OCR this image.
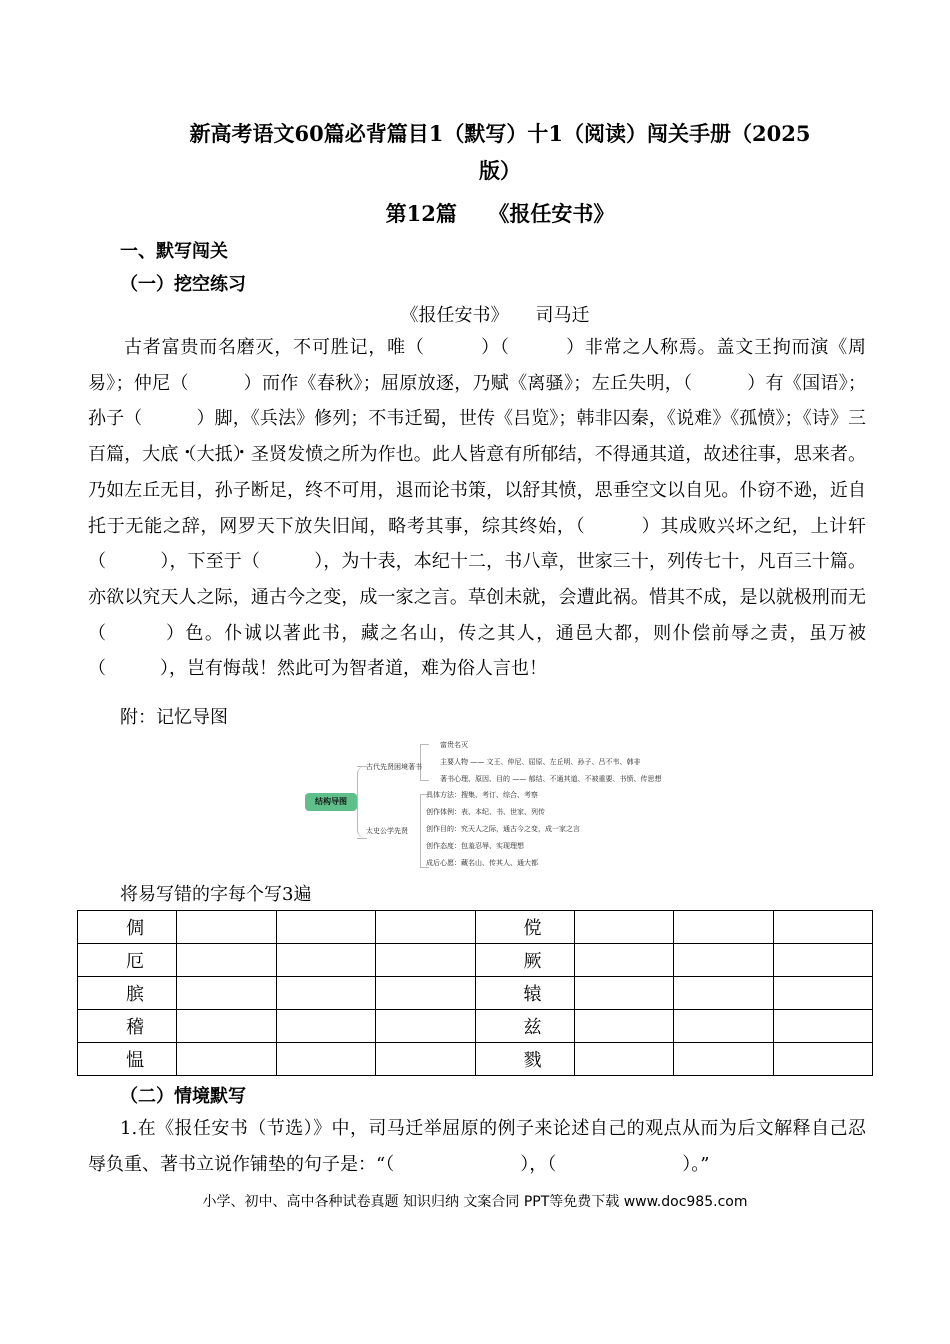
新高考语文60篇必背篇目1（默写）十1（阅读）闯关手册（2025
版）
第12篇　　《报任安书》
一、默写闯关
（一）挖空练习
《报任安书》　　司马迁
古者富贵而名磨灭，不可胜记，唯（　　　）（　　　）非常之人称焉。盖文王拘而演《周易》；仲尼（　　　）而作《春秋》；屈原放逐，乃赋《离骚》；左丘失明，（　　　）有《国语》；孙子（　　　）脚，《兵法》修列；不韦迁蜀，世传《吕览》；韩非囚秦，《说难》《孤愤》；《诗》三百篇，大底（大抵）圣贤发愤之所为作也。此人皆意有所郁结，不得通其道，故述往事，思来者。乃如左丘无目，孙子断足，终不可用，退而论书策，以舒其愤，思垂空文以自见。仆窃不逊，近自托于无能之辞，网罗天下放失旧闻，略考其事，综其终始，（　　　）其成败兴坏之纪，上计轩（　　　），下至于（　　　），为十表，本纪十二，书八章，世家三十，列传七十，凡百三十篇。亦欲以究天人之际，通古今之变，成一家之言。草创未就，会遭此祸。惜其不成，是以就极刑而无（　　　）色。仆诚以著此书，藏之名山，传之其人，通邑大都，则仆偿前辱之责，虽万被（　　　），岂有悔哉！然此可为智者道，难为俗人言也！
附：记忆导图
结构导图
古代先贤困境著书
富贵名灭
主要人物 —— 文王、仲尼、屈原、左丘明、孙子、吕不韦、韩非
著书心理、原因、目的 —— 郁结、不通其道、不被重要、书愤、传思想
太史公学先贤
具体方法：搜集、考订、综合、考察
创作体例：表、本纪、书、世家、列传
创作目的：究天人之际，通古今之变，成一家之言
创作态度：包羞忍辱、实现理想
成后心愿：藏名山、传其人、通大都
将易写错的字每个写3遍
倜				傥			
厄				厥			
膑				辕			
稽				兹			
愠				戮			
（二）情境默写
1.在《报任安书（节选）》中，司马迁举屈原的例子来论述自己的观点从而为后文解释自己忍辱负重、著书立说作铺垫的句子是：“（　　　　　　　），（　　　　　　　）。”
小学、初中、高中各种试卷真题 知识归纳 文案合同 PPT等免费下载 www.doc985.com
